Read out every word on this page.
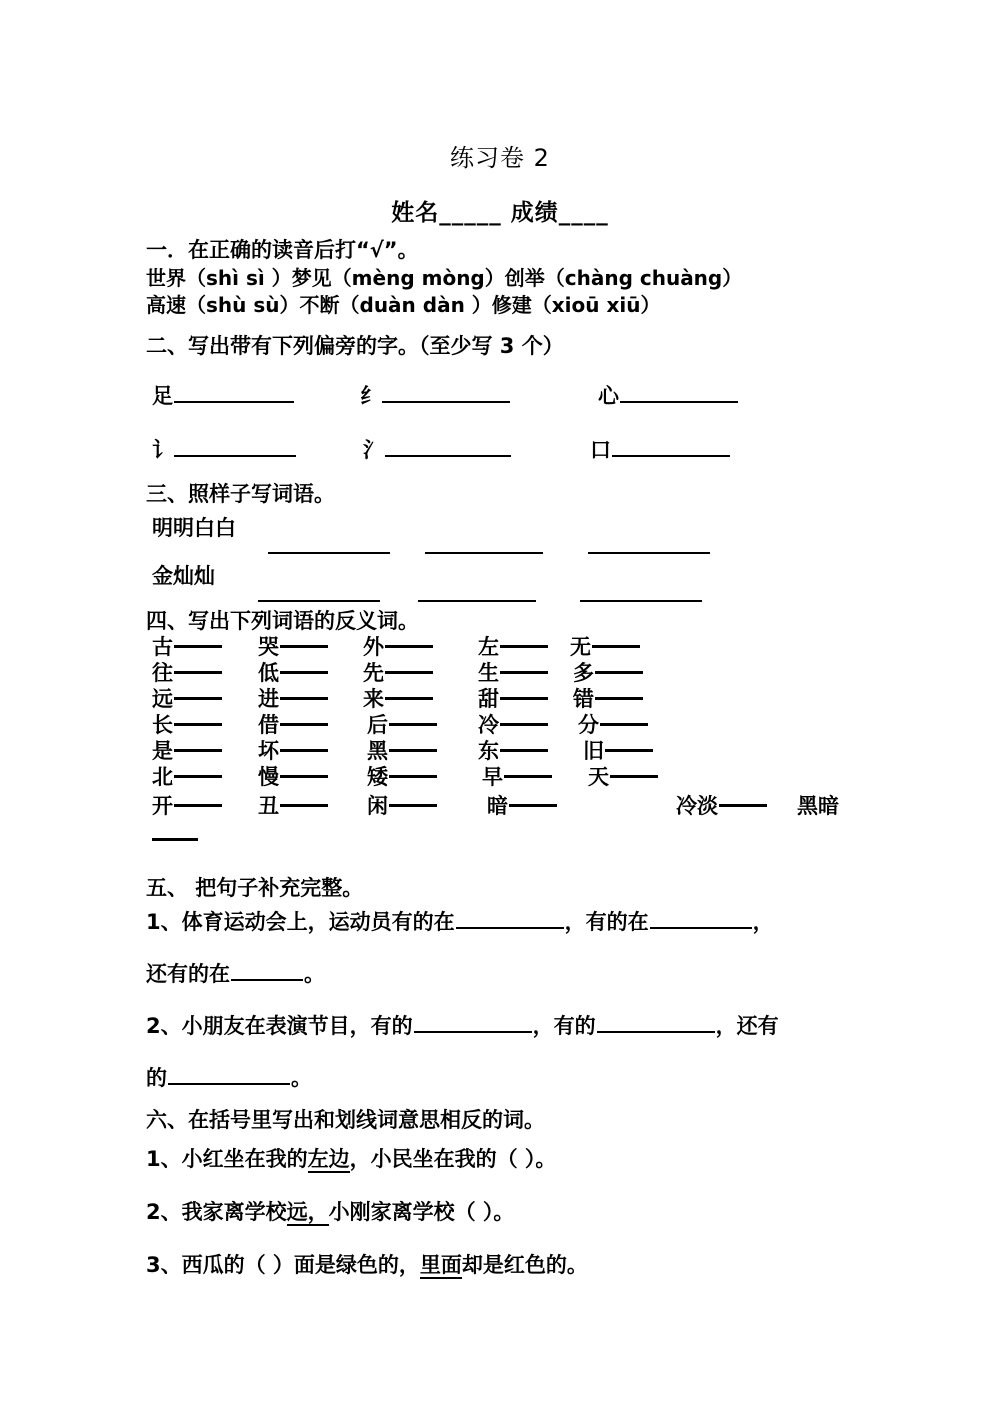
练习卷 2
姓名_____ 成绩____
一．在正确的读音后打“√”。
世界（shì sì ）梦见（mèng mòng）创举（chàng chuàng）
高速（shù sù）不断（duàn dàn ）修建（xioū xiū）
二、写出带有下列偏旁的字。（至少写 3 个）
足	纟	心
讠	氵	口
三、照样子写词语。
明明白白
金灿灿
四、写出下列词语的反义词。
古	哭	外	左	无
往	低	先	生	多
远	进	来	甜	错
长	借	后	冷	分
是	坏	黑	东	旧
北	慢	矮	早	天
开	丑	闲	暗	冷淡	黑暗
五、 把句子补充完整。
1、体育运动会上，运动员有的在	，有的在	，
还有的在	。
2、小朋友在表演节目，有的	，有的	，还有
的	。
六、在括号里写出和划线词意思相反的词。
1、小红坐在我的左边，小民坐在我的（ ）。
2、我家离学校远，小刚家离学校（ ）。
3、西瓜的（ ）面是绿色的，里面却是红色的。
